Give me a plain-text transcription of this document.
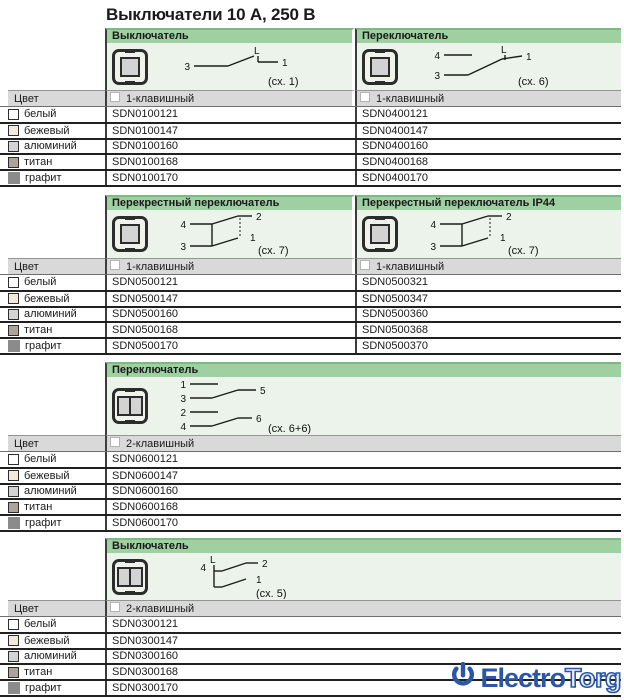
Выключатели 10 А, 250 В
Выключатель	Переключатель
3
L
1
(сх. 1)
4
3
L
1
(сх. 6)
Цвет	1-клавишный	1-клавишный
белый	SDN0100121	SDN0400121
бежевый	SDN0100147	SDN0400147
алюминий	SDN0100160	SDN0400160
титан	SDN0100168	SDN0400168
графит	SDN0100170	SDN0400170
Перекрестный переключатель	Перекрестный переключатель IP44
4
3
2
1
(сх. 7)
4
3
2
1
(сх. 7)
Цвет	1-клавишный	1-клавишный
белый	SDN0500121	SDN0500321
бежевый	SDN0500147	SDN0500347
алюминий	SDN0500160	SDN0500360
титан	SDN0500168	SDN0500368
графит	SDN0500170	SDN0500370
Переключатель
1
3
5
2
4
6
(сх. 6+6)
Цвет	2-клавишный
белый	SDN0600121
бежевый	SDN0600147
алюминий	SDN0600160
титан	SDN0600168
графит	SDN0600170
Выключатель
4
L	2
1
(сх. 5)
Цвет	2-клавишный
белый	SDN0300121
бежевый	SDN0300147
алюминий	SDN0300160
титан	SDN0300168
графит	SDN0300170	Electro Torg
